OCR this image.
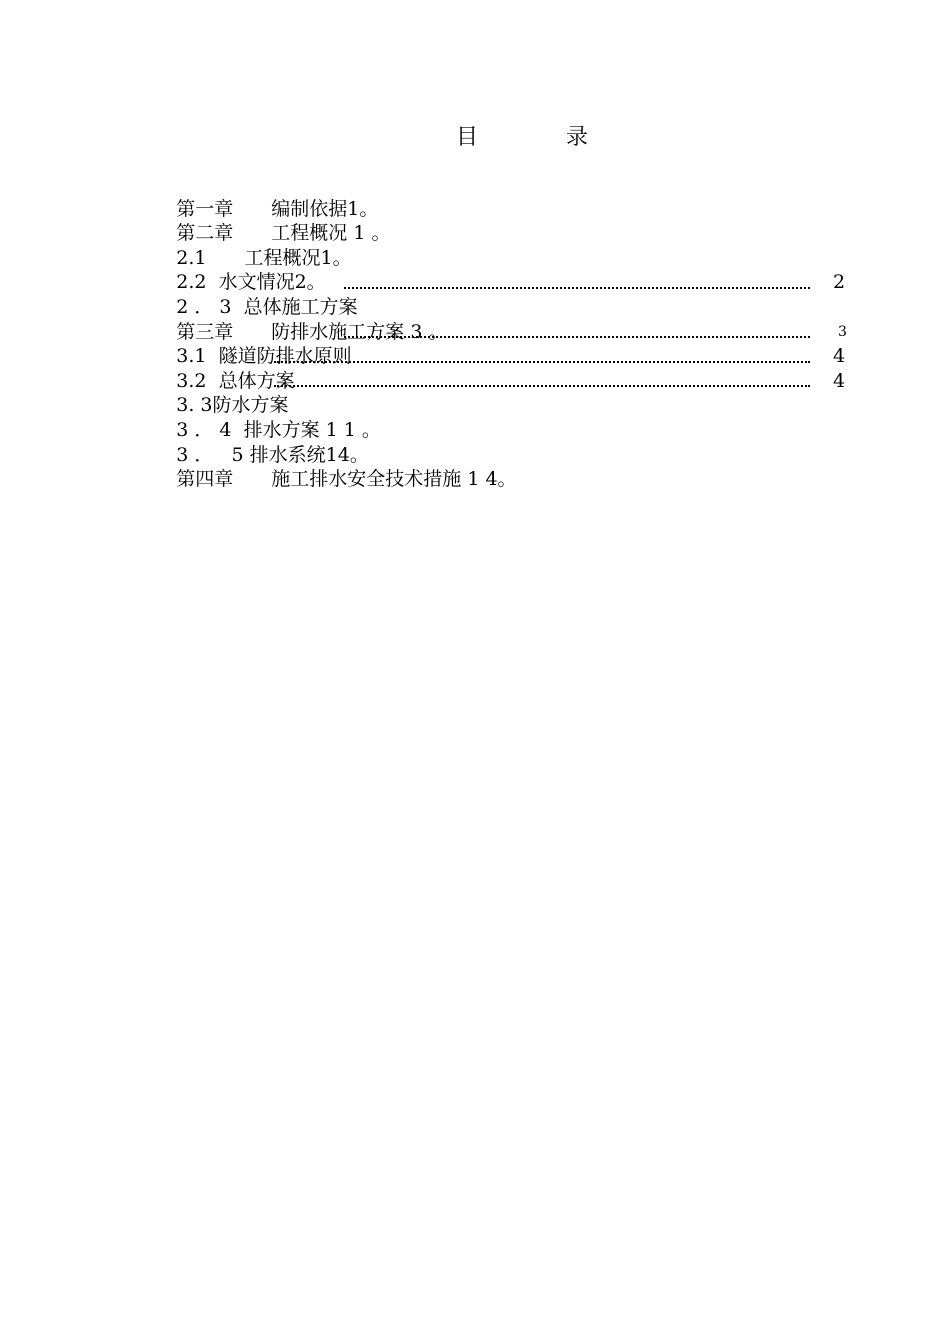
目　　　　录

第一章　　 编制依据1。

第二章　　 工程概况 1 。

2.1　　 工程概况1。

2.2 水文情况2。

2 ． 3 总体施工方案

2

第三章　　 防排水施工方案 3 。

3.1 隧道防排水原则

3

3.2 总体方案

4

3. 3防水方案

4

3 ． 4 排水方案 1 1 。

3 ． 5 排水系统14。

第四章　　 施工排水安全技术措施 1 4。
